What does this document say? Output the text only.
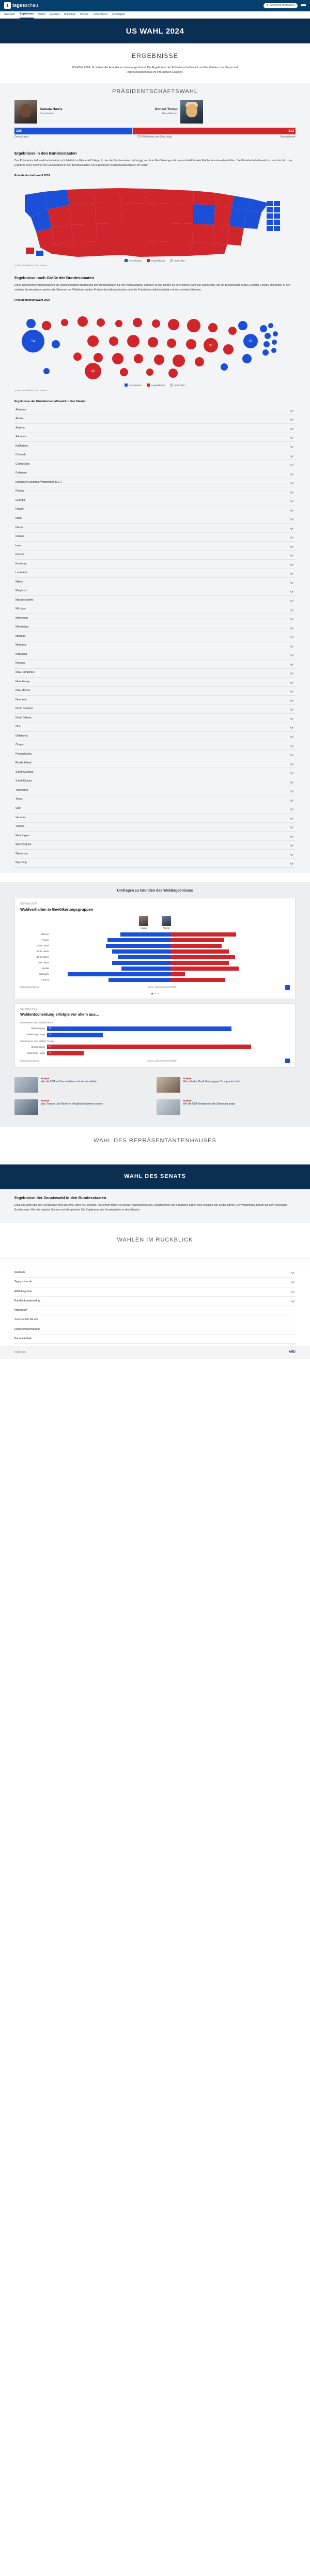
t tagesschau	● Sendung anpassen
Startseite Ergebnisse Inland Ausland Wirtschaft Wissen Faktenfinder Investigativ
US WAHL 2024
ERGEBNISSE

US-Wahl 2024: So haben die Amerikaner:innen abgestimmt. Die Ergebnisse der Präsidentschaftswahl und der Wahlen zum Senat und Repräsentantenhaus im interaktiven Grafiken.

PRÄSIDENTSCHAFTSWAHL
Kamala Harris
Demokraten
Donald Trump
Republikaner
226	312
Demokraten	270 Wahlleute zum Sieg nötig	Republikaner
Ergebnisse in den Bundesstaaten

Das Präsidentschaftswahl entscheidet sich letztlich im Electoral College. In das die Bundesstaaten abhängig von ihrer Bevölkerungszahl unterschiedlich viele Wahlleute entsenden dürfen. Die Präsidentschaftswahl ist damit letztlich das Ergebnis einer Summe von Einzelwahlen in den Bundesstaaten. Die Ergebnisse in den Bundesstaaten im Detail:

Präsidentschaftswahl 2024
Demokraten	Republikaner	noch offen
Quelle: AP/Wahlen in den Staaten
Ergebnisse nach Größe der Bundesstaaten

Diese Darstellung veranschaulicht die unterschiedliche Bedeutung der Bundesstaaten für den Wahlausgang. Größere Kreise stehen für eine höhere Zahl von Wahlleuten, die ein Bundesstaat in das Electoral College entsendet. In den meisten Bundesstaaten gehen alle Stimmen der Wahlleute an den Präsidentschaftskandidaten oder die Präsidentschaftskandidatin mit den meisten Stimmen.

Präsidentschaftswahl 2024
54
40
30
28
Demokraten	Republikaner	noch offen
Quelle: AP/Wahlen in den Staaten
Ergebnisse der Präsidentschaftswahl in den Staaten
Alabama
Alaska
Arizona
Arkansas
Kalifornien
Colorado
Connecticut
Delaware
District of Columbia (Washington D.C.)
Florida
Georgia
Hawaii
Idaho
Illinois
Indiana
Iowa
Kansas
Kentucky
Louisiana
Maine
Maryland
Massachusetts
Michigan
Minnesota
Mississippi
Missouri
Montana
Nebraska
Nevada
New Hampshire
New Jersey
New Mexico
New York
North Carolina
North Dakota
Ohio
Oklahoma
Oregon
Pennsylvania
Rhode Island
South Carolina
South Dakota
Tennessee
Texas
Utah
Vermont
Virginia
Washington
West Virginia
Wisconsin
Wyoming
Umfragen zu Gründen des Wahlergebnisses
US-Wahl 2024
Wahlverhalten in Bevölkerungsgruppen
Harris	Trump
Männer
Frauen
18-29 Jahre
30-44 Jahre
45-64 Jahre
65+ Jahre
Weiße
Schwarze
Latinos
Wahltagsbefragung	Quelle: Edison Research/NEP
US-Wahl 2024
Wahlentscheidung erfolgte vor allem aus...
Wählerinnen und Wähler Harris
Überzeugung	76
Ablehnung Trump	23
Wählerinnen und Wähler Trump
Überzeugung	84
Ablehnung Harris	15
Wahltagsbefragung	Quelle: Edison Research/NEP
Analyse
Wie die USA auf Kurs bleiben und wie sie wählte
Analyse
Wie sich das Duell Harris gegen Trump entschied
Analyse
Was Trumps und Harris im Vergleich bewerten wurden
Analyse
Wie die USA bewegt und die Stimmung prägt
WAHL DES REPRÄSENTANTENHAUSES
WAHL DES SENATS
Ergebnisse der Senatswahl in den Bundesstaaten

Etwa ein Drittel der 100 Senatssitze wird alle zwei Jahre neu gewählt. Außerdem finden bei Bedarf Nachwahlen statt. Senatorinnen und Senatoren haben eine Amtszeit von sechs Jahren. Der Wahlmodus beruht auf dem jeweiligen Bundesstaat: Wer die meisten Stimmen erhält, gewinnt. Die Ergebnisse der Senatswahlen in den Staaten:

WAHLEN IM RÜCKBLICK
Startseite
Tagesschau.de
ARD-Angebote
Rundfunkstaatsvertrag
Impressum
Zu erreichen Sie uns
Datenschutzerklärung
Barrierefreiheit
Impressum	ARD
